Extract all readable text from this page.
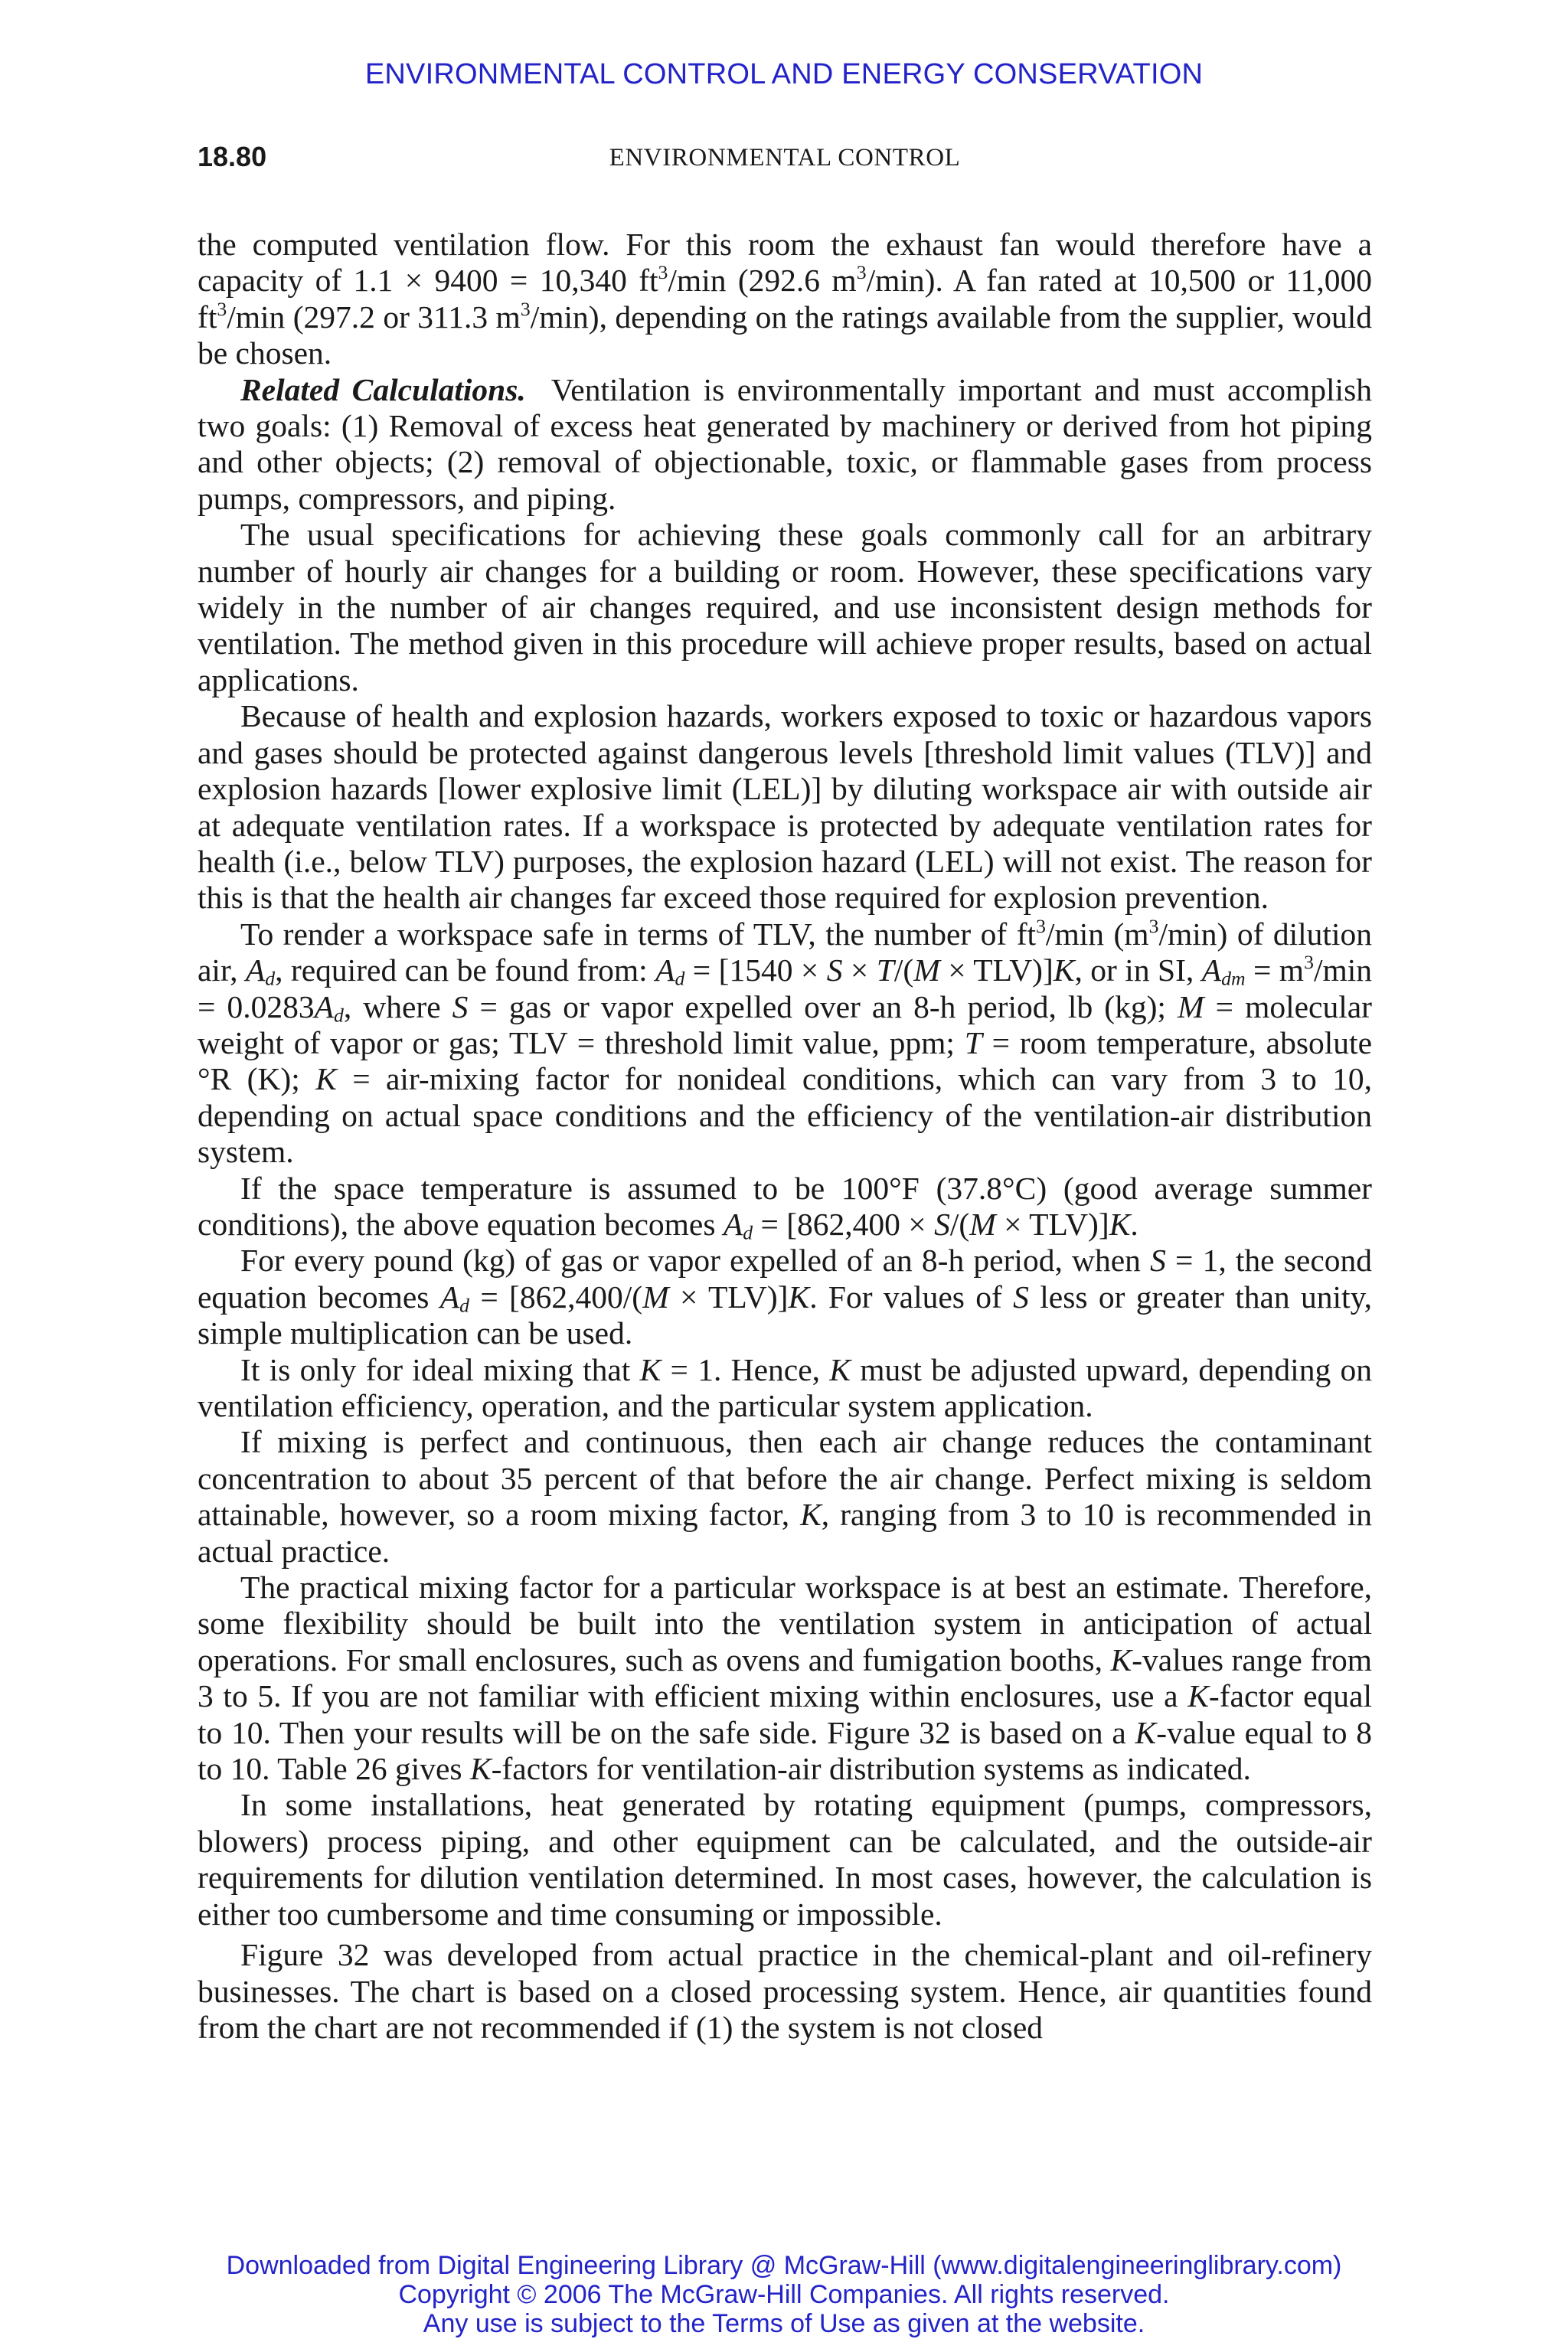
ENVIRONMENTAL CONTROL AND ENERGY CONSERVATION
18.80	ENVIRONMENTAL CONTROL

the computed ventilation flow. For this room the exhaust fan would therefore have a capacity of 1.1 × 9400 = 10,340 $ft^3/\min$ (292.6 $m^3/\min$). A fan rated at 10,500 or 11,000 $ft^3/\min$ (297.2 or 311.3 $m^3/\min$), depending on the ratings available from the supplier, would be chosen.

Related Calculations. Ventilation is environmentally important and must accomplish two goals: (1) Removal of excess heat generated by machinery or derived from hot piping and other objects; (2) removal of objectionable, toxic, or flammable gases from process pumps, compressors, and piping.

The usual specifications for achieving these goals commonly call for an arbitrary number of hourly air changes for a building or room. However, these specifications vary widely in the number of air changes required, and use inconsistent design methods for ventilation. The method given in this procedure will achieve proper results, based on actual applications.

Because of health and explosion hazards, workers exposed to toxic or hazardous vapors and gases should be protected against dangerous levels [threshold limit values (TLV)] and explosion hazards [lower explosive limit (LEL)] by diluting workspace air with outside air at adequate ventilation rates. If a workspace is protected by adequate ventilation rates for health (i.e., below TLV) purposes, the explosion hazard (LEL) will not exist. The reason for this is that the health air changes far exceed those required for explosion prevention.

To render a workspace safe in terms of TLV, the number of $ft^3/\min$ $(m^3/\min)$ of dilution air, $A_d$, required can be found from: $A_d = [1540 \times S \times T/(M \times TLV)]K$, or in SI, $A_{dm} = m^3/\min = 0.0283A_d$, where S = gas or vapor expelled over an 8-h period, lb (kg); M = molecular weight of vapor or gas; TLV = threshold limit value, ppm; T = room temperature, absolute °R (K); K = air-mixing factor for nonideal conditions, which can vary from 3 to 10, depending on actual space conditions and the efficiency of the ventilation-air distribution system.

If the space temperature is assumed to be 100°F (37.8°C) (good average summer conditions), the above equation becomes $A_d = [862,400 \times S/(M \times TLV)]K$.

For every pound (kg) of gas or vapor expelled of an 8-h period, when S = 1, the second equation becomes $A_d = [862,400/(M \times TLV)]K$. For values of S less or greater than unity, simple multiplication can be used.

It is only for ideal mixing that K = 1. Hence, K must be adjusted upward, depending on ventilation efficiency, operation, and the particular system application.

If mixing is perfect and continuous, then each air change reduces the contaminant concentration to about 35 percent of that before the air change. Perfect mixing is seldom attainable, however, so a room mixing factor, K, ranging from 3 to 10 is recommended in actual practice.

The practical mixing factor for a particular workspace is at best an estimate. Therefore, some flexibility should be built into the ventilation system in anticipation of actual operations. For small enclosures, such as ovens and fumigation booths, K-values range from 3 to 5. If you are not familiar with efficient mixing within enclosures, use a K-factor equal to 10. Then your results will be on the safe side. Figure 32 is based on a K-value equal to 8 to 10. Table 26 gives K-factors for ventilation-air distribution systems as indicated.

In some installations, heat generated by rotating equipment (pumps, compressors, blowers) process piping, and other equipment can be calculated, and the outside-air requirements for dilution ventilation determined. In most cases, however, the calculation is either too cumbersome and time consuming or impossible.

Figure 32 was developed from actual practice in the chemical-plant and oil-refinery businesses. The chart is based on a closed processing system. Hence, air quantities found from the chart are not recommended if (1) the system is not closed

Downloaded from Digital Engineering Library @ McGraw-Hill (www.digitalengineeringlibrary.com)
Copyright © 2006 The McGraw-Hill Companies. All rights reserved.
Any use is subject to the Terms of Use as given at the website.
